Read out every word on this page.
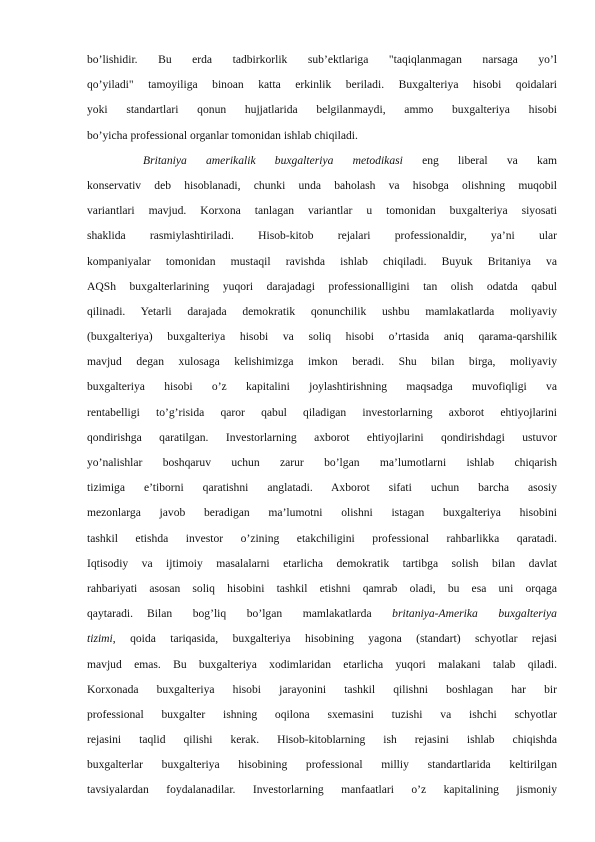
bo’lishidir. Bu erda tadbirkorlik sub’ektlariga "taqiqlanmagan narsaga yo’l
qo’yiladi" tamoyiliga binoan katta erkinlik beriladi. Buxgalteriya hisobi qoidalari
yoki standartlari qonun hujjatlarida belgilanmaydi, ammo buxgalteriya hisobi
bo’yicha professional organlar tomonidan ishlab chiqiladi.
Britaniya amerikalik buxgalteriya metodikasi eng liberal va kam
konservativ deb hisoblanadi, chunki unda baholash va hisobga olishning muqobil
variantlari mavjud. Korxona tanlagan variantlar u tomonidan buxgalteriya siyosati
shaklida rasmiylashtiriladi. Hisob-kitob rejalari professionaldir, ya’ni ular
kompaniyalar tomonidan mustaqil ravishda ishlab chiqiladi. Buyuk Britaniya va
AQSh buxgalterlarining yuqori darajadagi professionalligini tan olish odatda qabul
qilinadi. Yetarli darajada demokratik qonunchilik ushbu mamlakatlarda moliyaviy
(buxgalteriya) buxgalteriya hisobi va soliq hisobi o’rtasida aniq qarama-qarshilik
mavjud degan xulosaga kelishimizga imkon beradi. Shu bilan birga, moliyaviy
buxgalteriya hisobi o’z kapitalini joylashtirishning maqsadga muvofiqligi va
rentabelligi to’g’risida qaror qabul qiladigan investorlarning axborot ehtiyojlarini
qondirishga qaratilgan. Investorlarning axborot ehtiyojlarini qondirishdagi ustuvor
yo’nalishlar boshqaruv uchun zarur bo’lgan ma’lumotlarni ishlab chiqarish
tizimiga e’tiborni qaratishni anglatadi. Axborot sifati uchun barcha asosiy
mezonlarga javob beradigan ma’lumotni olishni istagan buxgalteriya hisobini
tashkil etishda investor o’zining etakchiligini professional rahbarlikka qaratadi.
Iqtisodiy va ijtimoiy masalalarni etarlicha demokratik tartibga solish bilan davlat
rahbariyati asosan soliq hisobini tashkil etishni qamrab oladi, bu esa uni orqaga
qaytaradi. Bilan bog’liq bo’lgan mamlakatlarda britaniya-Amerika buxgalteriya
tizimi, qoida tariqasida, buxgalteriya hisobining yagona (standart) schyotlar rejasi
mavjud emas. Bu buxgalteriya xodimlaridan etarlicha yuqori malakani talab qiladi.
Korxonada buxgalteriya hisobi jarayonini tashkil qilishni boshlagan har bir
professional buxgalter ishning oqilona sxemasini tuzishi va ishchi schyotlar
rejasini taqlid qilishi kerak. Hisob-kitoblarning ish rejasini ishlab chiqishda
buxgalterlar buxgalteriya hisobining professional milliy standartlarida keltirilgan
tavsiyalardan foydalanadilar. Investorlarning manfaatlari o’z kapitalining jismoniy
